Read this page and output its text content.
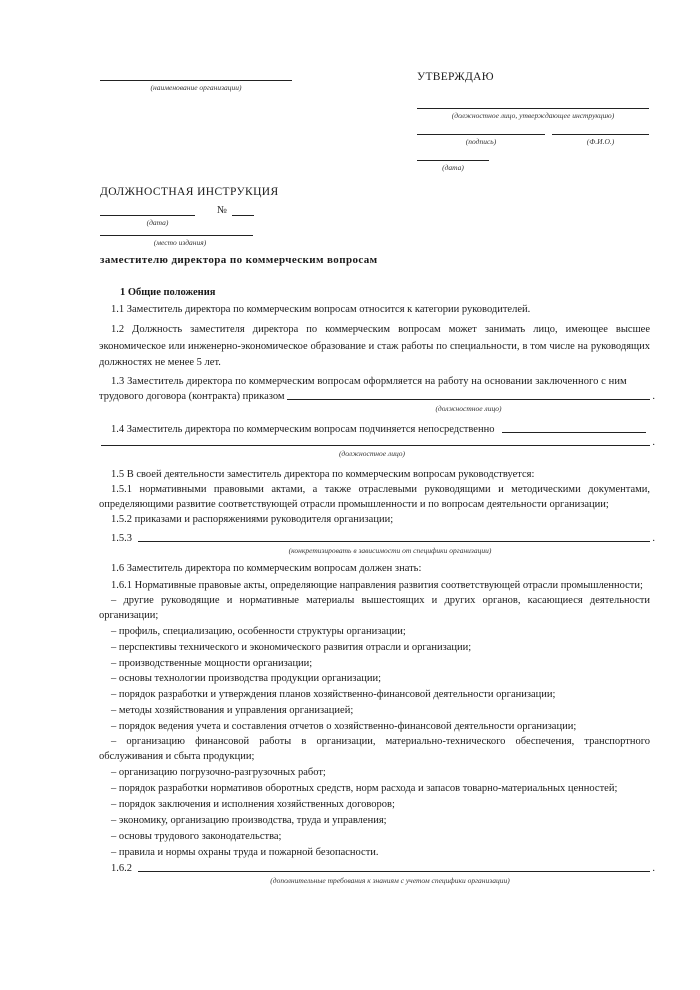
(наименование организации)
УТВЕРЖДАЮ
(должностное лицо, утверждающее инструкцию)
(подпись)	(Ф.И.О.)
(дата)
ДОЛЖНОСТНАЯ ИНСТРУКЦИЯ
№
(дата)
(место издания)
заместителю директора по коммерческим вопросам
1 Общие положения
1.1 Заместитель директора по коммерческим вопросам относится к категории руководителей.
1.2 Должность заместителя директора по коммерческим вопросам может занимать лицо, имеющее высшее экономическое или инженерно-экономическое образование и стаж работы по специальности, в том числе на руководящих должностях не менее 5 лет.
1.3 Заместитель директора по коммерческим вопросам оформляется на работу на основании заключенного с ним
трудового договора (контракта) приказом	.
(должностное лицо)
1.4 Заместитель директора по коммерческим вопросам подчиняется непосредственно
.
(должностное лицо)
1.5 В своей деятельности заместитель директора по коммерческим вопросам руководствуется:
1.5.1 нормативными правовыми актами, а также отраслевыми руководящими и методическими документами, определяющими развитие соответствующей отрасли промышленности и по вопросам деятельности организации;
1.5.2 приказами и распоряжениями руководителя организации;
1.5.3	.
(конкретизировать в зависимости от специфики организации)
1.6 Заместитель директора по коммерческим вопросам должен знать:
1.6.1 Нормативные правовые акты, определяющие направления развития соответствующей отрасли промышленности;
– другие руководящие и нормативные материалы вышестоящих и других органов, касающиеся деятельности организации;
– профиль, специализацию, особенности структуры организации;
– перспективы технического и экономического развития отрасли и организации;
– производственные мощности организации;
– основы технологии производства продукции организации;
– порядок разработки и утверждения планов хозяйственно-финансовой деятельности организации;
– методы хозяйствования и управления организацией;
– порядок ведения учета и составления отчетов о хозяйственно-финансовой деятельности организации;
– организацию финансовой работы в организации, материально-технического обеспечения, транспортного обслуживания и сбыта продукции;
– организацию погрузочно-разгрузочных работ;
– порядок разработки нормативов оборотных средств, норм расхода и запасов товарно-материальных ценностей;
– порядок заключения и исполнения хозяйственных договоров;
– экономику, организацию производства, труда и управления;
– основы трудового законодательства;
– правила и нормы охраны труда и пожарной безопасности.
1.6.2	.
(дополнительные требования к знаниям с учетом специфики организации)
